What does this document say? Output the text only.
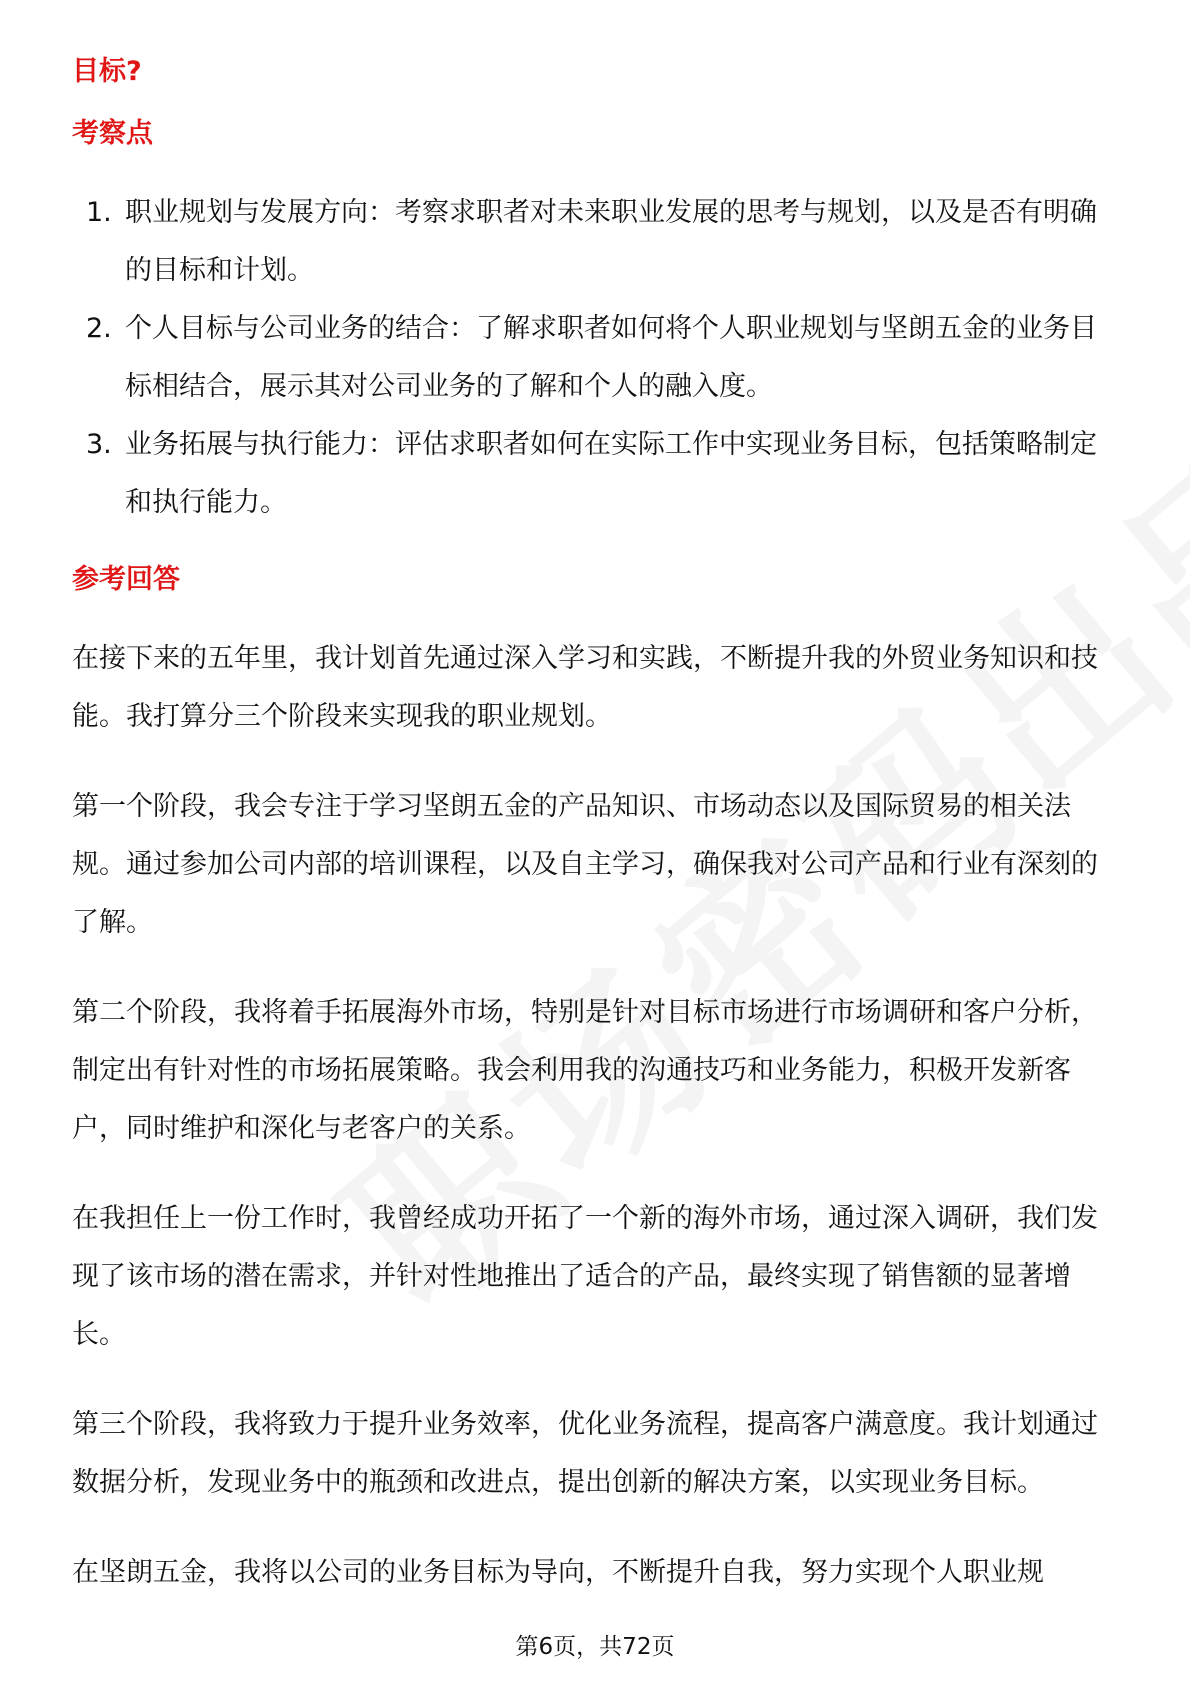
目标?
考察点
1. 职业规划与发展方向：考察求职者对未来职业发展的思考与规划，以及是否有明确的目标和计划。
2. 个人目标与公司业务的结合：了解求职者如何将个人职业规划与坚朗五金的业务目标相结合，展示其对公司业务的了解和个人的融入度。
3. 业务拓展与执行能力：评估求职者如何在实际工作中实现业务目标，包括策略制定和执行能力。
参考回答

在接下来的五年里，我计划首先通过深入学习和实践，不断提升我的外贸业务知识和技能。我打算分三个阶段来实现我的职业规划。

第一个阶段，我会专注于学习坚朗五金的产品知识、市场动态以及国际贸易的相关法规。通过参加公司内部的培训课程，以及自主学习，确保我对公司产品和行业有深刻的了解。

第二个阶段，我将着手拓展海外市场，特别是针对目标市场进行市场调研和客户分析，制定出有针对性的市场拓展策略。我会利用我的沟通技巧和业务能力，积极开发新客户，同时维护和深化与老客户的关系。

在我担任上一份工作时，我曾经成功开拓了一个新的海外市场，通过深入调研，我们发现了该市场的潜在需求，并针对性地推出了适合的产品，最终实现了销售额的显著增长。

第三个阶段，我将致力于提升业务效率，优化业务流程，提高客户满意度。我计划通过数据分析，发现业务中的瓶颈和改进点，提出创新的解决方案，以实现业务目标。

在坚朗五金，我将以公司的业务目标为导向，不断提升自我，努力实现个人职业规

第6页，共72页
